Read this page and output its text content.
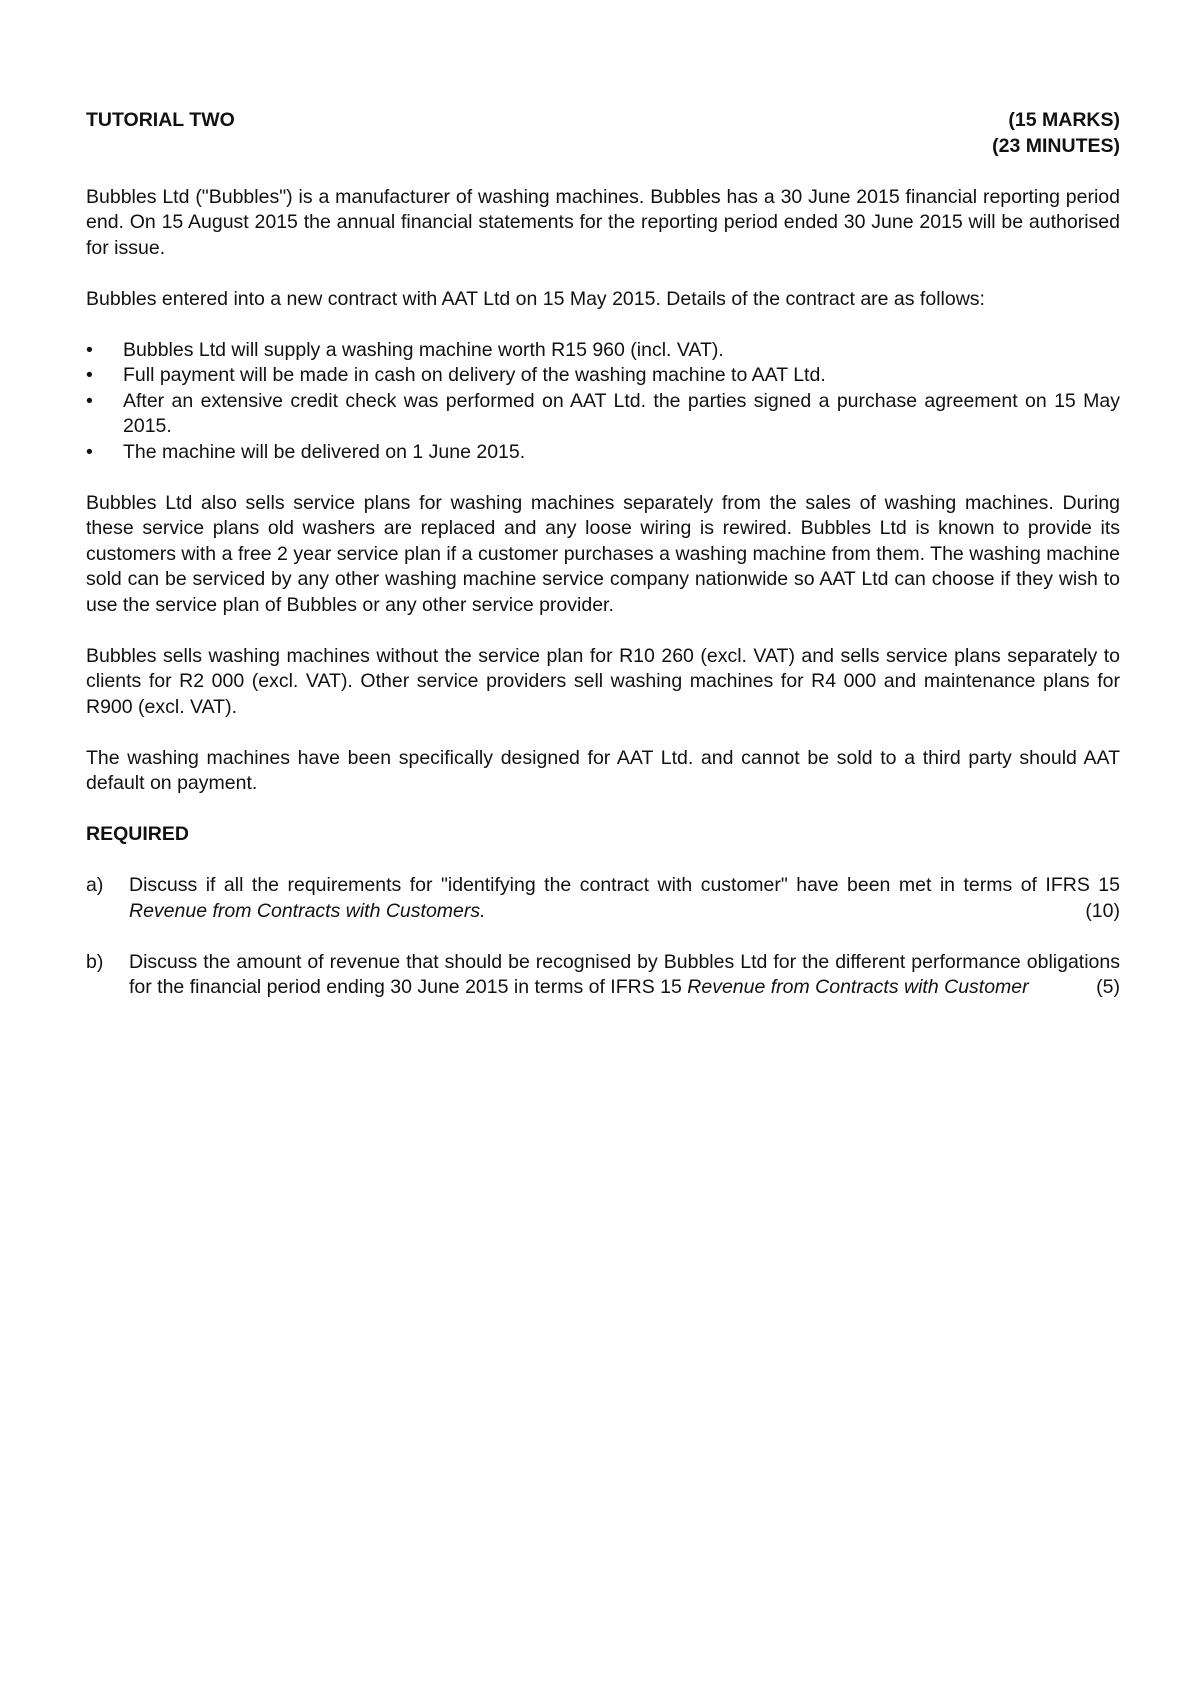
TUTORIAL TWO	(15 MARKS)
(23 MINUTES)

Bubbles Ltd ("Bubbles") is a manufacturer of washing machines. Bubbles has a 30 June 2015 financial reporting period end. On 15 August 2015 the annual financial statements for the reporting period ended 30 June 2015 will be authorised for issue.

Bubbles entered into a new contract with AAT Ltd on 15 May 2015. Details of the contract are as follows:

• Bubbles Ltd will supply a washing machine worth R15 960 (incl. VAT).
• Full payment will be made in cash on delivery of the washing machine to AAT Ltd.
• After an extensive credit check was performed on AAT Ltd. the parties signed a purchase agreement on 15 May 2015.
• The machine will be delivered on 1 June 2015.

Bubbles Ltd also sells service plans for washing machines separately from the sales of washing machines. During these service plans old washers are replaced and any loose wiring is rewired. Bubbles Ltd is known to provide its customers with a free 2 year service plan if a customer purchases a washing machine from them. The washing machine sold can be serviced by any other washing machine service company nationwide so AAT Ltd can choose if they wish to use the service plan of Bubbles or any other service provider.

Bubbles sells washing machines without the service plan for R10 260 (excl. VAT) and sells service plans separately to clients for R2 000 (excl. VAT). Other service providers sell washing machines for R4 000 and maintenance plans for R900 (excl. VAT).

The washing machines have been specifically designed for AAT Ltd. and cannot be sold to a third party should AAT default on payment.

REQUIRED
a)	Discuss if all the requirements for "identifying the contract with customer" have been met in terms of IFRS 15 Revenue from Contracts with Customers.	(10)
b)	Discuss the amount of revenue that should be recognised by Bubbles Ltd for the different performance obligations for the financial period ending 30 June 2015 in terms of IFRS 15 Revenue from Contracts with Customer	(5)
